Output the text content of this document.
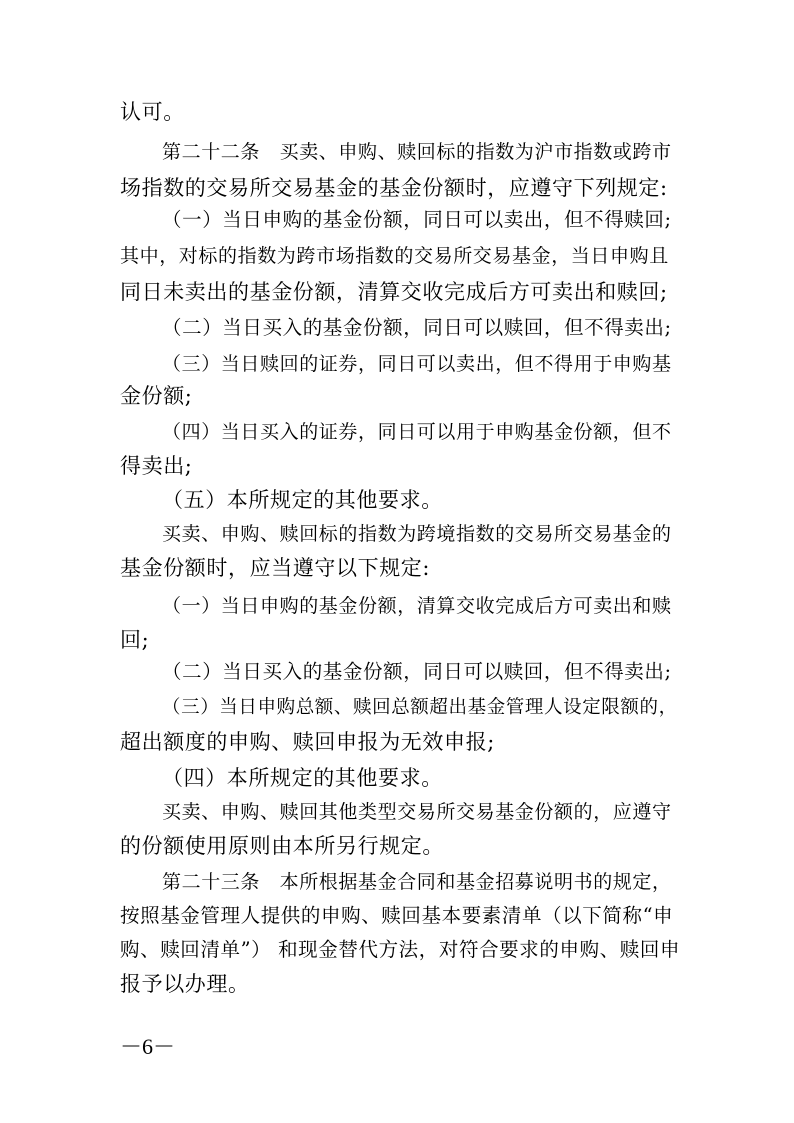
认可。
第二十二条　买卖、申购、赎回标的指数为沪市指数或跨市
场指数的交易所交易基金的基金份额时，应遵守下列规定:
（一）当日申购的基金份额，同日可以卖出，但不得赎回;
其中，对标的指数为跨市场指数的交易所交易基金，当日申购且
同日未卖出的基金份额，清算交收完成后方可卖出和赎回;
（二）当日买入的基金份额，同日可以赎回，但不得卖出;
（三）当日赎回的证券，同日可以卖出，但不得用于申购基
金份额;
（四）当日买入的证券，同日可以用于申购基金份额，但不
得卖出;
（五）本所规定的其他要求。
买卖、申购、赎回标的指数为跨境指数的交易所交易基金的
基金份额时，应当遵守以下规定:
（一）当日申购的基金份额，清算交收完成后方可卖出和赎
回;
（二）当日买入的基金份额，同日可以赎回，但不得卖出;
（三）当日申购总额、赎回总额超出基金管理人设定限额的，
超出额度的申购、赎回申报为无效申报;
（四）本所规定的其他要求。
买卖、申购、赎回其他类型交易所交易基金份额的，应遵守
的份额使用原则由本所另行规定。
第二十三条　本所根据基金合同和基金招募说明书的规定，
按照基金管理人提供的申购、赎回基本要素清单（以下简称“申
购、赎回清单”） 和现金替代方法，对符合要求的申购、赎回申
报予以办理。
－6－
